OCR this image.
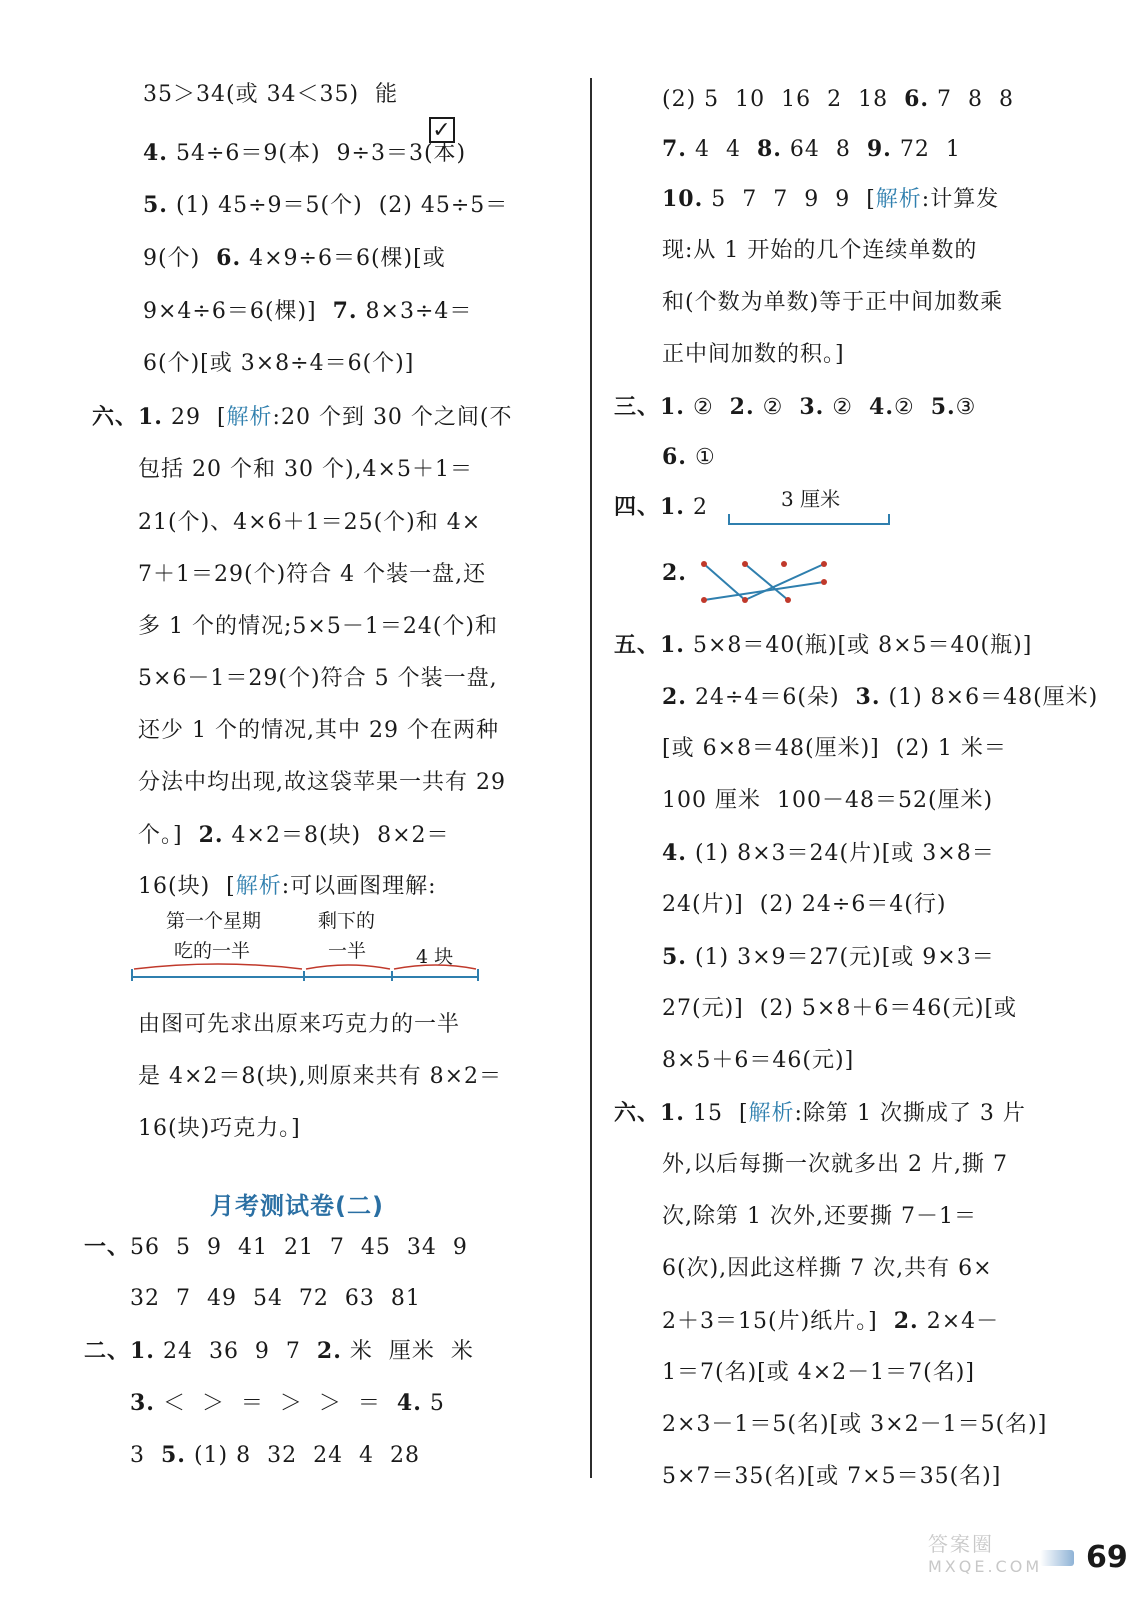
35＞34(或 34＜35)  能
4. 54÷6＝9(本)  9÷3＝3(本)
5. (1) 45÷9＝5(个)  (2) 45÷5＝
9(个)  6. 4×9÷6＝6(棵)[或
9×4÷6＝6(棵)]  7. 8×3÷4＝
6(个)[或 3×8÷4＝6(个)]
六、1. 29  [解析:20 个到 30 个之间(不
包括 20 个和 30 个),4×5＋1＝
21(个)、4×6＋1＝25(个)和 4×
7＋1＝29(个)符合 4 个装一盘,还
多 1 个的情况;5×5－1＝24(个)和
5×6－1＝29(个)符合 5 个装一盘,
还少 1 个的情况,其中 29 个在两种
分法中均出现,故这袋苹果一共有 29
个。]  2. 4×2＝8(块)  8×2＝
16(块)  [解析:可以画图理解:
由图可先求出原来巧克力的一半
是 4×2＝8(块),则原来共有 8×2＝
16(块)巧克力。]
一、56  5  9  41  21  7  45  34  9
32  7  49  54  72  63  81
二、1. 24  36  9  7  2. 米  厘米  米
3. ＜  ＞  ＝  ＞  ＞  ＝  4. 5
3  5. (1) 8  32  24  4  28
(2) 5  10  16  2  18  6. 7  8  8
7. 4  4  8. 64  8  9. 72  1
10. 5  7  7  9  9  [解析:计算发
现:从 1 开始的几个连续单数的
和(个数为单数)等于正中间加数乘
正中间加数的积。]
三、1. ②  2. ②  3. ②  4.②  5.③
6. ①
四、1. 2
2.
五、1. 5×8＝40(瓶)[或 8×5＝40(瓶)]
2. 24÷4＝6(朵)  3. (1) 8×6＝48(厘米)
[或 6×8＝48(厘米)]  (2) 1 米＝
100 厘米  100－48＝52(厘米)
4. (1) 8×3＝24(片)[或 3×8＝
24(片)]  (2) 24÷6＝4(行)
5. (1) 3×9＝27(元)[或 9×3＝
27(元)]  (2) 5×8＋6＝46(元)[或
8×5＋6＝46(元)]
六、1. 15  [解析:除第 1 次撕成了 3 片
外,以后每撕一次就多出 2 片,撕 7
次,除第 1 次外,还要撕 7－1＝
6(次),因此这样撕 7 次,共有 6×
2＋3＝15(片)纸片。]  2. 2×4－
1＝7(名)[或 4×2－1＝7(名)]
2×3－1＝5(名)[或 3×2－1＝5(名)]
5×7＝35(名)[或 7×5＝35(名)]

✓

第一个星期
吃的一半
剩下的
一半	4 块
3 厘米
月考测试卷(二)
答案圈
MXQE.COM 69
